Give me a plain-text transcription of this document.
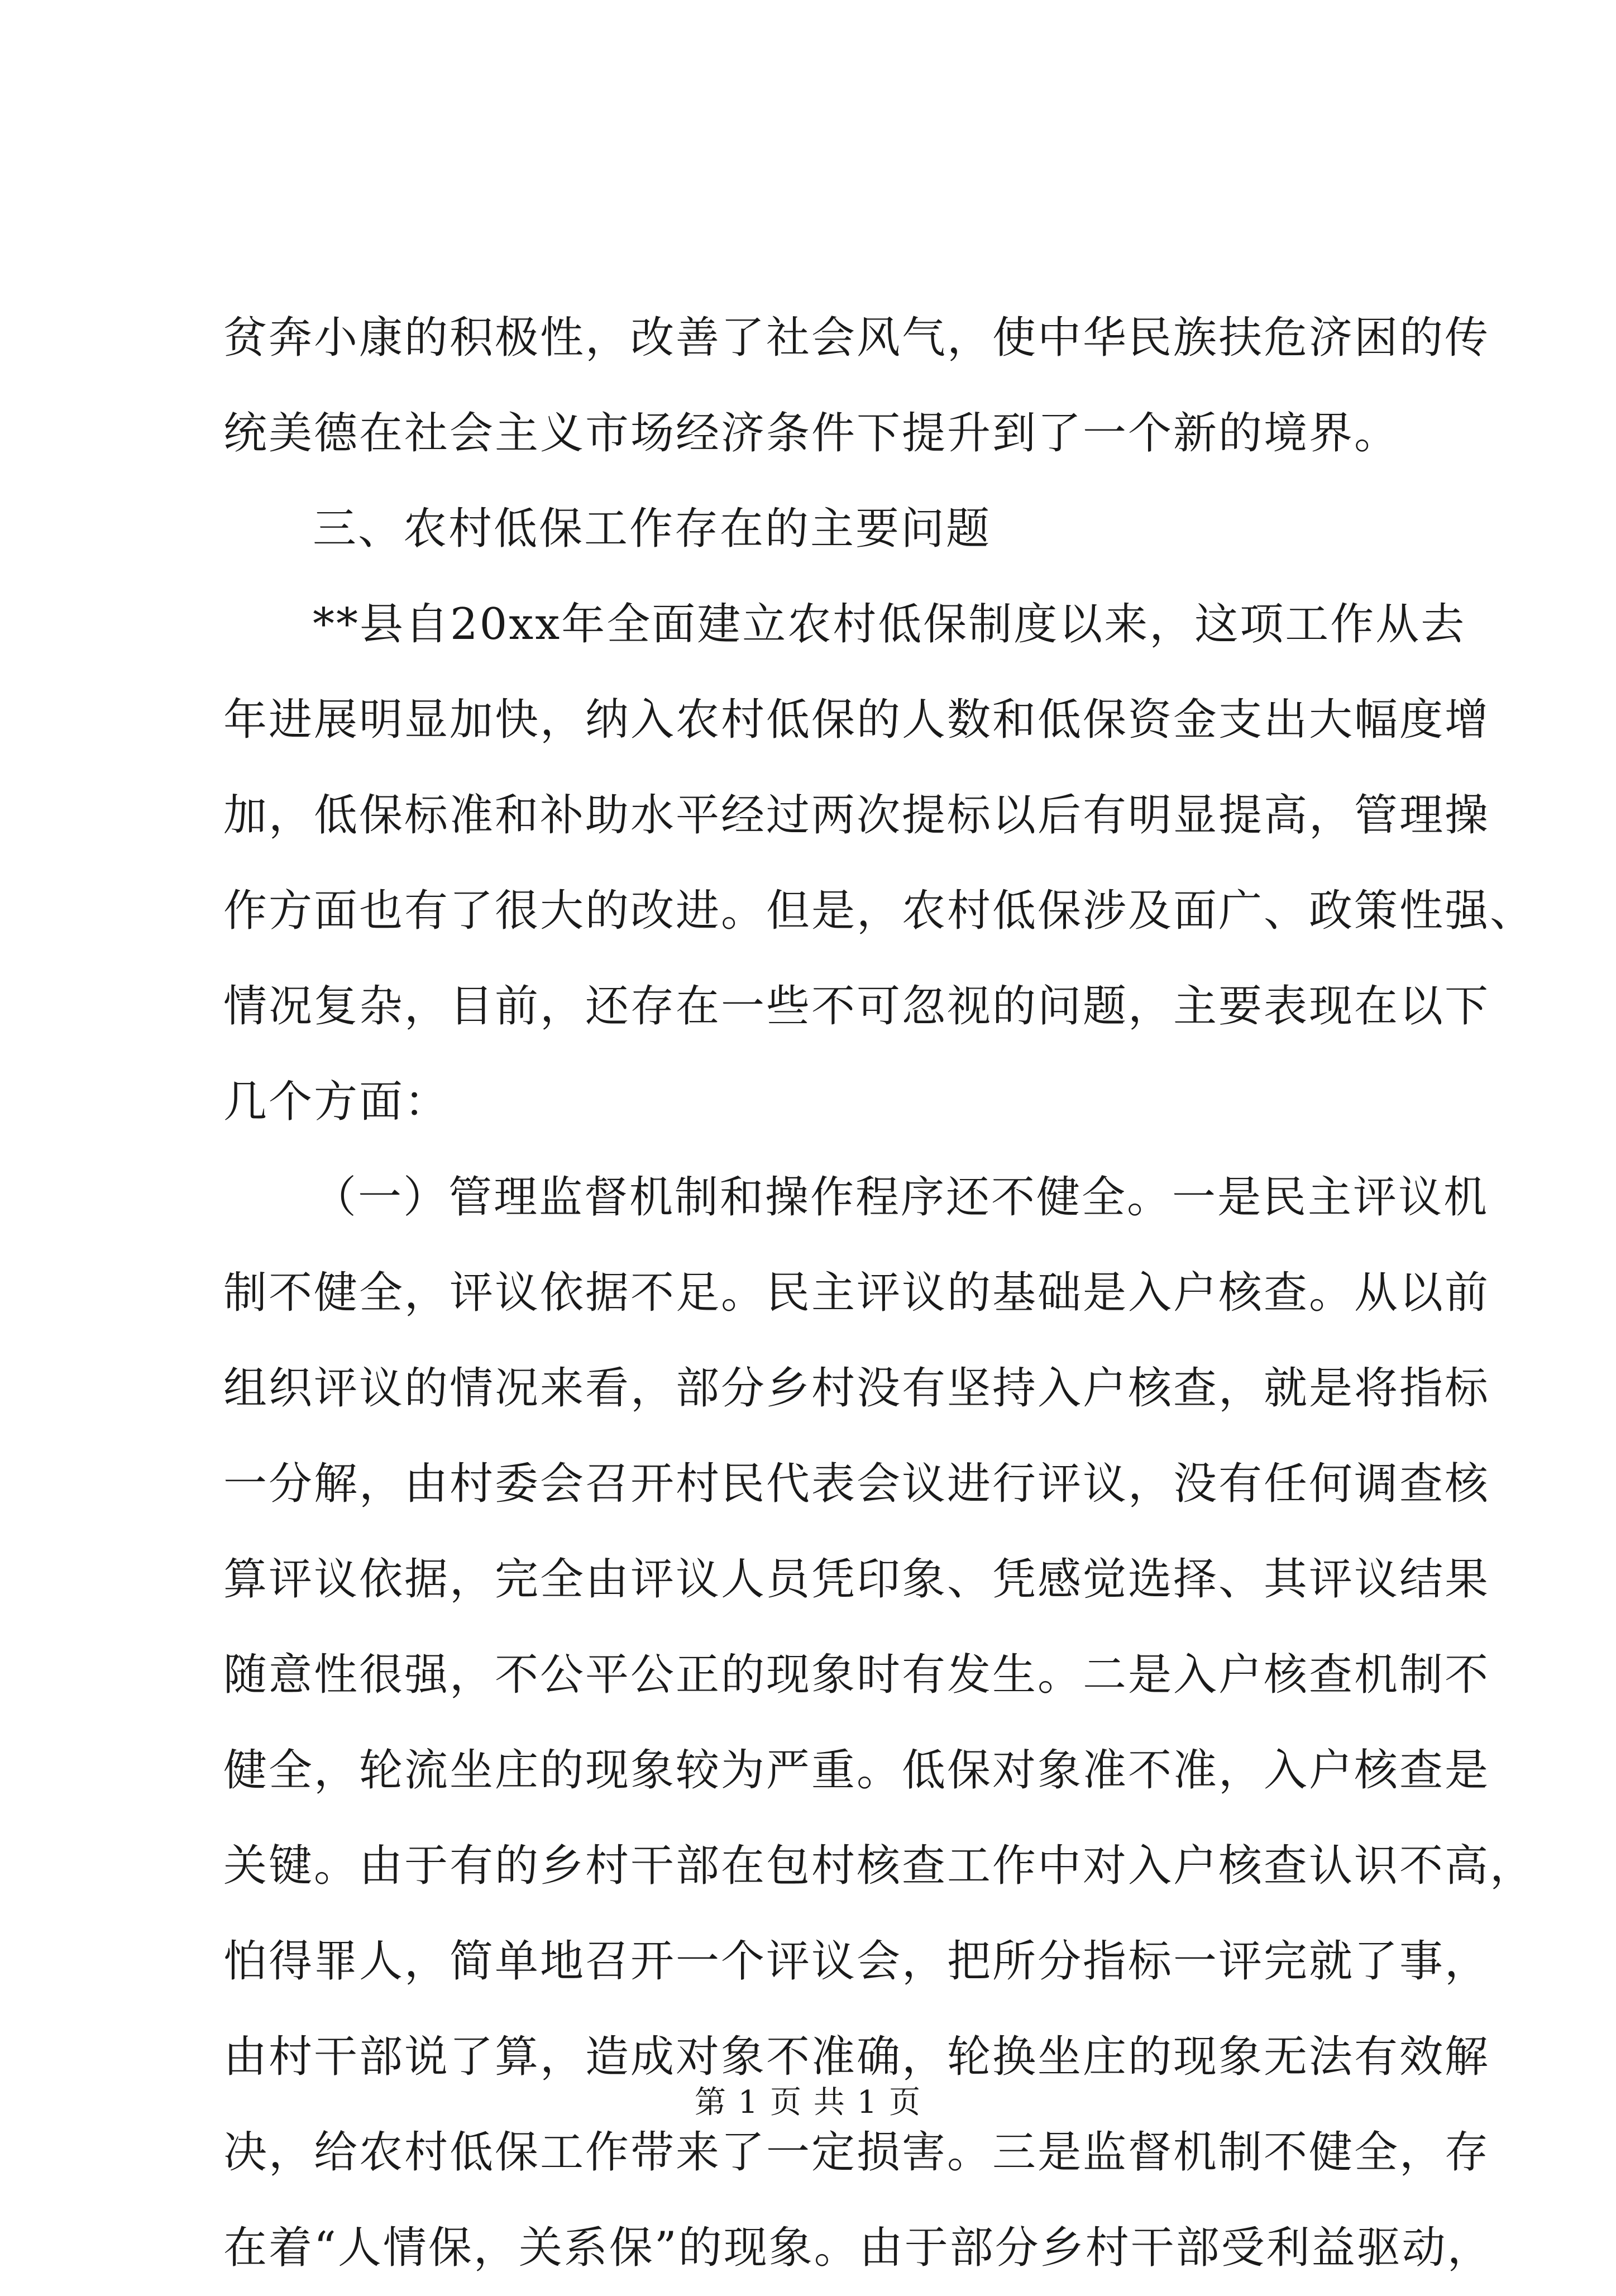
贫奔小康的积极性，改善了社会风气，使中华民族扶危济困的传
统美德在社会主义市场经济条件下提升到了一个新的境界。
三、农村低保工作存在的主要问题
**县自20xx年全面建立农村低保制度以来，这项工作从去
年进展明显加快，纳入农村低保的人数和低保资金支出大幅度增
加，低保标准和补助水平经过两次提标以后有明显提高，管理操
作方面也有了很大的改进。但是，农村低保涉及面广、政策性强、
情况复杂，目前，还存在一些不可忽视的问题，主要表现在以下
几个方面：
（一）管理监督机制和操作程序还不健全。一是民主评议机
制不健全，评议依据不足。民主评议的基础是入户核查。从以前
组织评议的情况来看，部分乡村没有坚持入户核查，就是将指标
一分解，由村委会召开村民代表会议进行评议，没有任何调查核
算评议依据，完全由评议人员凭印象、凭感觉选择、其评议结果
随意性很强，不公平公正的现象时有发生。二是入户核查机制不
健全，轮流坐庄的现象较为严重。低保对象准不准，入户核查是
关键。由于有的乡村干部在包村核查工作中对入户核查认识不高，
怕得罪人，简单地召开一个评议会，把所分指标一评完就了事，
由村干部说了算，造成对象不准确，轮换坐庄的现象无法有效解
决，给农村低保工作带来了一定损害。三是监督机制不健全，存
在着“人情保，关系保”的现象。由于部分乡村干部受利益驱动，
第 1 页 共 1 页
